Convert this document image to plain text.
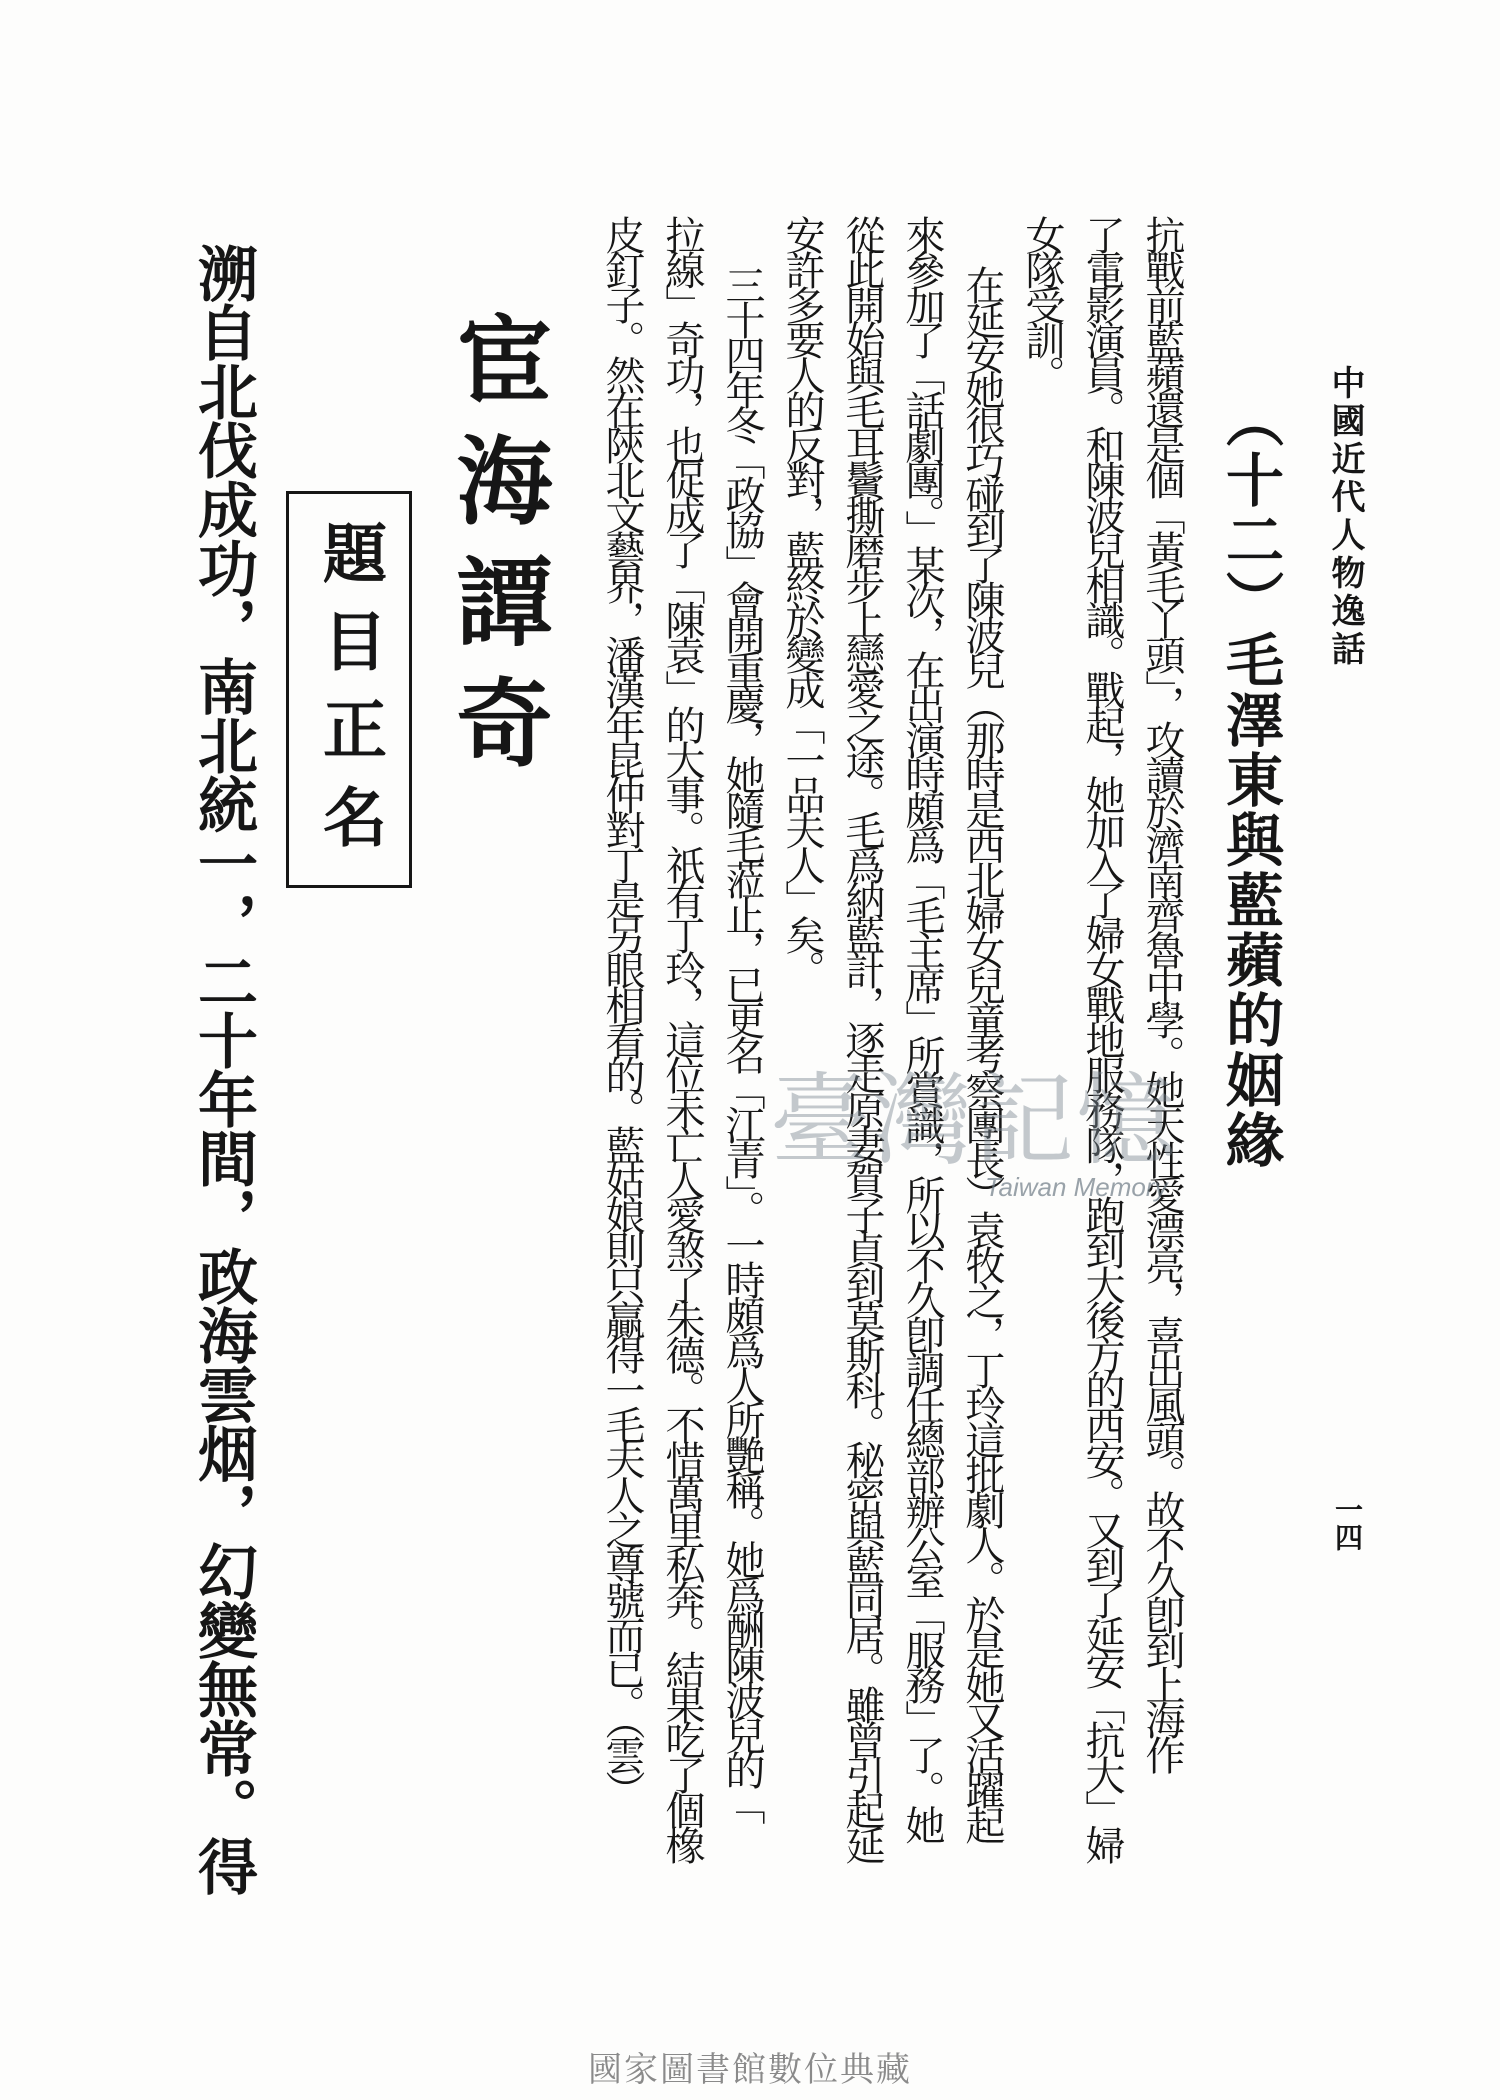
中國近代人物逸話
一四
（十二）毛澤東與藍蘋的姻緣
抗戰前藍蘋還是個「黃毛丫頭」，攻讀於濟南齊魯中學。她天性愛漂亮，喜出風頭。故不久卽到上海作
了電影演員。和陳波兒相識。戰起，她加入了婦女戰地服務隊，跑到大後方的西安。又到了延安「抗大」婦
女隊受訓。
在延安她很巧碰到了陳波兒（那時是西北婦女兒童考察團長）袁牧之，丁玲這批劇人。於是她又活躍起
來參加了「話劇團。」某次，在出演時頗爲「毛主席」所賞識，所以不久卽調任總部辦公室「服務」了。她
從此開始與毛耳鬢撕磨步上戀愛之途。毛爲納藍計，逐走原妻賀子貞到莫斯科。秘密與藍同居。雖曾引起延
安許多要人的反對，藍終於變成「一品夫人」矣。
三十四年冬「政協」會開重慶，她隨毛蒞止，已更名「江青」。一時頗爲人所艷稱。她爲酬陳波兒的「
拉線」奇功，也促成了「陳袁」的大事。祇有丁玲，這位未亡人愛煞了朱德。不惜萬里私奔。結果吃了個橡
皮釘子。然在陝北文藝界，潘漢年昆仲對丁是另眼相看的。藍姑娘則只贏得一毛夫人之尊號而已。（雲）
宦海譚奇
題目正名
溯自北伐成功，南北統一，二十年間，政海雲烟，幻變無常。得	臺灣記憶
Taiwan Memory
國家圖書館數位典藏
